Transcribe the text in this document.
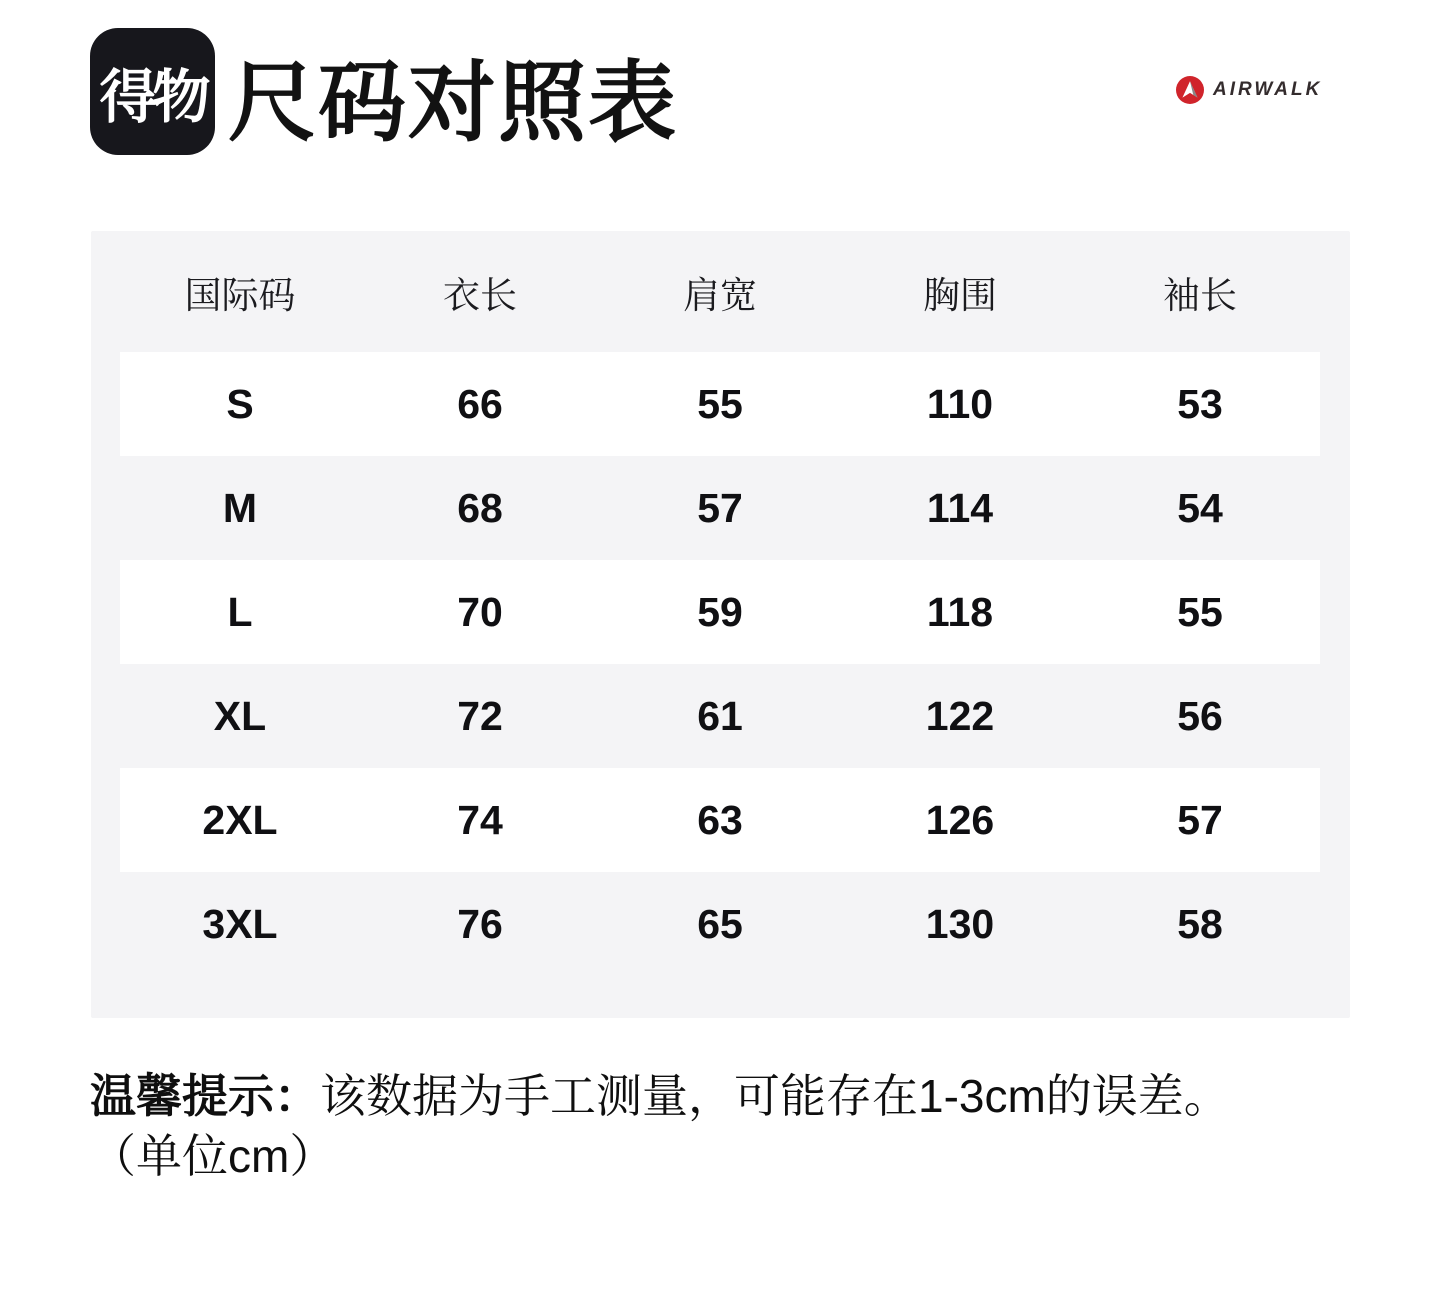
得物 尺码对照表	AIRWALK
国际码	衣长	肩宽	胸围	袖长
S	66	55	110	53
M	68	57	114	54
L	70	59	118	55
XL	72	61	122	56
2XL	74	63	126	57
3XL	76	65	130	58
温馨提示：该数据为手工测量，可能存在1-3cm的误差。
（单位cm）
